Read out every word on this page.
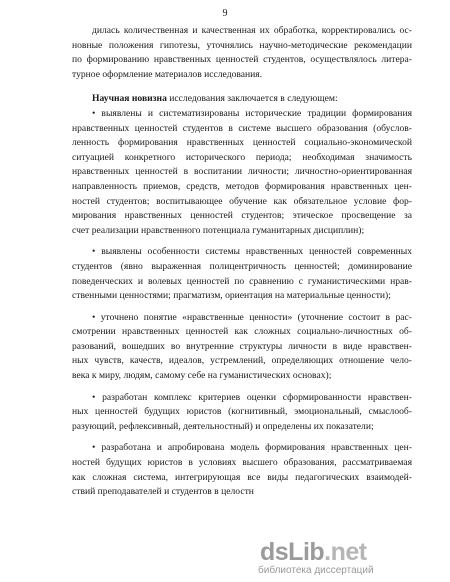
9
дилась количественная и качественная их обработка, корректировались ос-
новные положения гипотезы, уточнялись научно-методические рекомендации
по формированию нравственных ценностей студентов, осуществлялось литера-
турное оформление материалов исследования.
Научная новизна исследования заключается в следующем:
• выявлены и систематизированы исторические традиции формирования
нравственных ценностей студентов в системе высшего образования (обуслов-
ленность формирования нравственных ценностей социально-экономической
ситуацией конкретного исторического периода; необходимая значимость
нравственных ценностей в воспитании личности; личностно-ориентированная
направленность приемов, средств, методов формирования нравственных цен-
ностей студентов; воспитывающее обучение как обязательное условие фор-
мирования нравственных ценностей студентов; этическое просвещение за
счет реализации нравственного потенциала гуманитарных дисциплин);
• выявлены особенности системы нравственных ценностей современных
студентов (явно выраженная полицентричность ценностей; доминирование
поведенческих и волевых ценностей по сравнению с гуманистическими нрав-
ственными ценностями; прагматизм, ориентация на материальные ценности);
• уточнено понятие «нравственные ценности» (уточнение состоит в рас-
смотрении нравственных ценностей как сложных социально-личностных об-
разований, вошедших во внутренние структуры личности в виде нравствен-
ных чувств, качеств, идеалов, устремлений, определяющих отношение чело-
века к миру, людям, самому себе на гуманистических основах);
• разработан комплекс критериев оценки сформированности нравствен-
ных ценностей будущих юристов (когнитивный, эмоциональный, смыслооб-
разующий, рефлексивный, деятельностный) и определены их показатели;
• разработана и апробирована модель формирования нравственных цен-
ностей будущих юристов в условиях высшего образования, рассматриваемая
как сложная система, интегрирующая все виды педагогических взаимодей-
ствий преподавателей и студентов в целостн
dsLib.net
библиотека диссертаций
